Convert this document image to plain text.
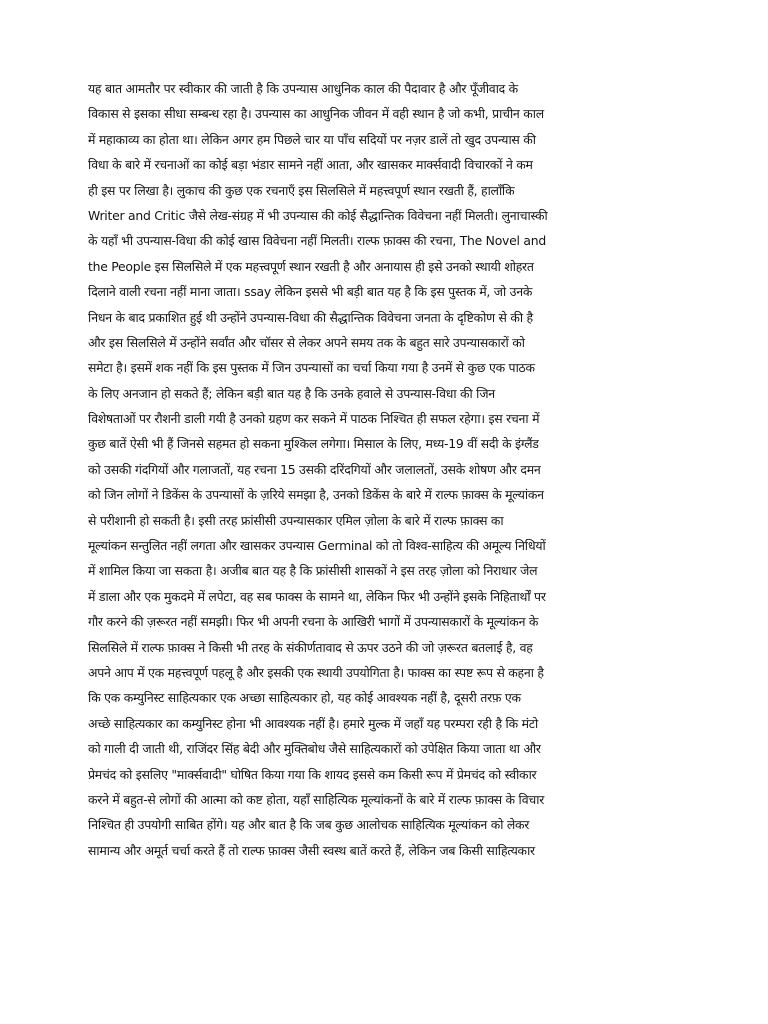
यह बात आमतौर पर स्वीकार की जाती है कि उपन्यास आधुनिक काल की पैदावार है और पूँजीवाद के
विकास से इसका सीधा सम्बन्ध रहा है। उपन्यास का आधुनिक जीवन में वही स्थान है जो कभी, प्राचीन काल
में महाकाव्य का होता था। लेकिन अगर हम पिछले चार या पाँच सदियों पर नज़र डालें तो खुद उपन्यास की
विधा के बारे में रचनाओं का कोई बड़ा भंडार सामने नहीं आता, और खासकर मार्क्सवादी विचारकों ने कम
ही इस पर लिखा है। लुकाच की कुछ एक रचनाएँ इस सिलसिले में महत्त्वपूर्ण स्थान रखती हैं, हालाँकि
Writer and Critic जैसे लेख-संग्रह में भी उपन्यास की कोई सैद्धान्तिक विवेचना नहीं मिलती। लुनाचास्की
के यहाँ भी उपन्यास-विधा की कोई खास विवेचना नहीं मिलती। राल्फ फ़ाक्स की रचना, The Novel and
the People इस सिलसिले में एक महत्त्वपूर्ण स्थान रखती है और अनायास ही इसे उनको स्थायी शोहरत
दिलाने वाली रचना नहीं माना जाता। ssay लेकिन इससे भी बड़ी बात यह है कि इस पुस्तक में, जो उनके
निधन के बाद प्रकाशित हुई थी उन्होंने उपन्यास-विधा की सैद्धान्तिक विवेचना जनता के दृष्टिकोण से की है
और इस सिलसिले में उन्होंने सर्वांत और चॉसर से लेकर अपने समय तक के बहुत सारे उपन्यासकारों को
समेटा है। इसमें शक नहीं कि इस पुस्तक में जिन उपन्यासों का चर्चा किया गया है उनमें से कुछ एक पाठक
के लिए अनजान हो सकते हैं; लेकिन बड़ी बात यह है कि उनके हवाले से उपन्यास-विधा की जिन
विशेषताओं पर रौशनी डाली गयी है उनको ग्रहण कर सकने में पाठक निश्चित ही सफल रहेगा। इस रचना में
कुछ बातें ऐसी भी हैं जिनसे सहमत हो सकना मुश्किल लगेगा। मिसाल के लिए, मध्य-19 वीं सदी के इंग्लैंड
को उसकी गंदगियों और गलाजतों, यह रचना 15 उसकी दरिंदगियों और जलालतों, उसके शोषण और दमन
को जिन लोगों ने डिकेंस के उपन्यासों के ज़रिये समझा है, उनको डिकेंस के बारे में राल्फ फ़ाक्स के मूल्यांकन
से परीशानी हो सकती है। इसी तरह फ्रांसीसी उपन्यासकार एमिल ज़ोला के बारे में राल्फ फ़ाक्स का
मूल्यांकन सन्तुलित नहीं लगता और खासकर उपन्यास Germinal को तो विश्व-साहित्य की अमूल्य निधियों
में शामिल किया जा सकता है। अजीब बात यह है कि फ्रांसीसी शासकों ने इस तरह ज़ोला को निराधार जेल
में डाला और एक मुकदमे में लपेटा, वह सब फाक्स के सामने था, लेकिन फिर भी उन्होंने इसके निहितार्थों पर
गौर करने की ज़रूरत नहीं समझी। फिर भी अपनी रचना के आखिरी भागों में उपन्यासकारों के मूल्यांकन के
सिलसिले में राल्फ फ़ाक्स ने किसी भी तरह के संकीर्णतावाद से ऊपर उठने की जो ज़रूरत बतलाई है, वह
अपने आप में एक महत्त्वपूर्ण पहलू है और इसकी एक स्थायी उपयोगिता है। फाक्स का स्पष्ट रूप से कहना है
कि एक कम्युनिस्ट साहित्यकार एक अच्छा साहित्यकार हो, यह कोई आवश्यक नहीं है, दूसरी तरफ़ एक
अच्छे साहित्यकार का कम्युनिस्ट होना भी आवश्यक नहीं है। हमारे मुल्क में जहाँ यह परम्परा रही है कि मंटो
को गाली दी जाती थी, राजिंदर सिंह बेदी और मुक्तिबोध जैसे साहित्यकारों को उपेक्षित किया जाता था और
प्रेमचंद को इसलिए "मार्क्सवादी" घोषित किया गया कि शायद इससे कम किसी रूप में प्रेमचंद को स्वीकार
करने में बहुत-से लोगों की आत्मा को कष्ट होता, यहाँ साहित्यिक मूल्यांकनों के बारे में राल्फ फ़ाक्स के विचार
निश्चित ही उपयोगी साबित होंगे। यह और बात है कि जब कुछ आलोचक साहित्यिक मूल्यांकन को लेकर
सामान्य और अमूर्त चर्चा करते हैं तो राल्फ फ़ाक्स जैसी स्वस्थ बातें करते हैं, लेकिन जब किसी साहित्यकार
